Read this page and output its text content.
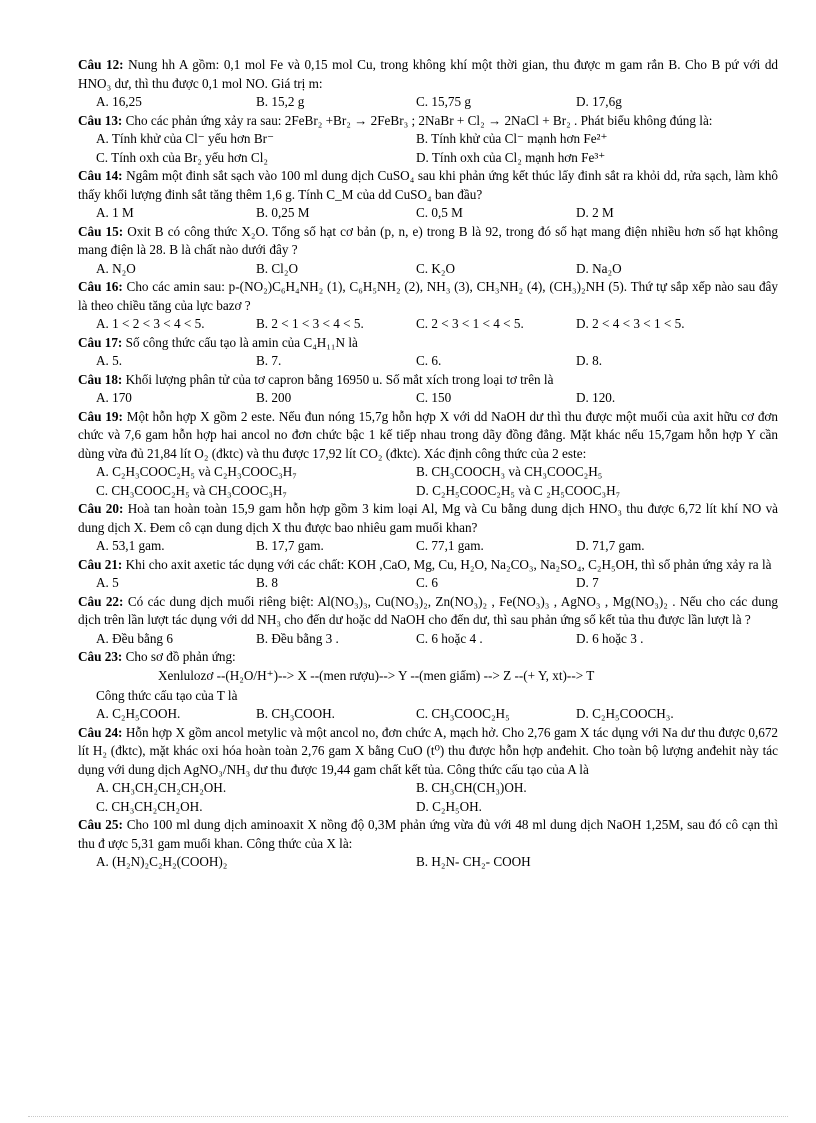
Câu 12: Nung hh A gồm: 0,1 mol Fe và 0,15 mol Cu, trong không khí một thời gian, thu được m gam rắn B. Cho B pứ với dd HNO₃ dư, thì thu được 0,1 mol NO. Giá trị m:

A. 16,25	B. 15,2 g	C. 15,75 g	D. 17,6g

Câu 13: Cho các phản ứng xảy ra sau: 2FeBr₂ +Br₂ → 2FeBr₃ ; 2NaBr + Cl₂ → 2NaCl + Br₂ . Phát biểu không đúng là:

A. Tính khử của Cl⁻ yếu hơn Br⁻	B. Tính khử của Cl⁻ mạnh hơn Fe²⁺
C. Tính oxh của Br₂ yếu hơn Cl₂	D. Tính oxh của Cl₂ mạnh hơn Fe³⁺

Câu 14: Ngâm một đinh sắt sạch vào 100 ml dung dịch CuSO₄ sau khi phản ứng kết thúc lấy đinh sắt ra khỏi dd, rửa sạch, làm khô thấy khối lượng đinh sắt tăng thêm 1,6 g. Tính C_M của dd CuSO₄ ban đầu?

A. 1 M	B. 0,25 M	C. 0,5 M	D. 2 M

Câu 15: Oxit B có công thức X₂O. Tổng số hạt cơ bản (p, n, e) trong B là 92, trong đó số hạt mang điện nhiều hơn số hạt không mang điện là 28. B là chất nào dưới đây ?

A. N₂O	B. Cl₂O	C. K₂O	D. Na₂O

Câu 16: Cho các amin sau: p-(NO₂)C₆H₄NH₂ (1), C₆H₅NH₂ (2), NH₃ (3), CH₃NH₂ (4), (CH₃)₂NH (5). Thứ tự sắp xếp nào sau đây là theo chiều tăng của lực bazơ ?

A. 1 < 2 < 3 < 4 < 5.	B. 2 < 1 < 3 < 4 < 5.	C. 2 < 3 < 1 < 4 < 5.	D. 2 < 4 < 3 < 1 < 5.

Câu 17: Số công thức cấu tạo là amin của C₄H₁₁N là

A. 5.	B. 7.	C. 6.	D. 8.

Câu 18: Khối lượng phân tử của tơ capron bằng 16950 u. Số mắt xích trong loại tơ trên là

A. 170	B. 200	C. 150	D. 120.

Câu 19: Một hỗn hợp X gồm 2 este. Nếu đun nóng 15,7g hỗn hợp X với dd NaOH dư thì thu được một muối của axit hữu cơ đơn chức và 7,6 gam hỗn hợp hai ancol no đơn chức bậc 1 kế tiếp nhau trong dãy đồng đẳng. Mặt khác nếu 15,7gam hỗn hợp Y cần dùng vừa đủ 21,84 lít O₂ (đktc) và thu được 17,92 lít CO₂ (đktc). Xác định công thức của 2 este:

A. C₂H₃COOC₂H₅ và C₂H₃COOC₃H₇	B. CH₃COOCH₃ và CH₃COOC₂H₅
C. CH₃COOC₂H₅ và CH₃COOC₃H₇	D. C₂H₅COOC₂H₅ và C ₂H₅COOC₃H₇

Câu 20: Hoà tan hoàn toàn 15,9 gam hỗn hợp gồm 3 kim loại Al, Mg và Cu bằng dung dịch HNO₃ thu được 6,72 lít khí NO và dung dịch X. Đem cô cạn dung dịch X thu được bao nhiêu gam muối khan?

A. 53,1 gam.	B. 17,7 gam.	C. 77,1 gam.	D. 71,7 gam.

Câu 21: Khi cho axit axetic tác dụng với các chất: KOH ,CaO, Mg, Cu, H₂O, Na₂CO₃, Na₂SO₄, C₂H₅OH, thì số phản ứng xảy ra là

A. 5	B. 8	C. 6	D. 7

Câu 22: Có các dung dịch muối riêng biệt: Al(NO₃)₃, Cu(NO₃)₂, Zn(NO₃)₂ , Fe(NO₃)₃ , AgNO₃ , Mg(NO₃)₂ . Nếu cho các dung dịch trên lần lượt tác dụng với dd NH₃ cho đến dư hoặc dd NaOH cho đến dư, thì sau phản ứng số kết tủa thu được lần lượt là ?

A. Đều bằng 6	B. Đều bằng 3 .	C. 6 hoặc 4 .	D. 6 hoặc 3 .

Câu 23: Cho sơ đồ phản ứng:

Xenlulozơ --(H₂O/H⁺)--> X --(men rượu)--> Y --(men giấm) --> Z --(+ Y, xt)--> T
Công thức cấu tạo của T là
A. C₂H₅COOH.	B. CH₃COOH.	C. CH₃COOC₂H₅	D. C₂H₅COOCH₃.

Câu 24: Hỗn hợp X gồm ancol metylic và một ancol no, đơn chức A, mạch hở. Cho 2,76 gam X tác dụng với Na dư thu được 0,672 lít H₂ (đktc), mặt khác oxi hóa hoàn toàn 2,76 gam X bằng CuO (t⁰) thu được hỗn hợp anđehit. Cho toàn bộ lượng anđehit này tác dụng với dung dịch AgNO₃/NH₃ dư thu được 19,44 gam chất kết tủa. Công thức cấu tạo của A là

A. CH₃CH₂CH₂CH₂OH.	B. CH₃CH(CH₃)OH.
C. CH₃CH₂CH₂OH.	D. C₂H₅OH.

Câu 25: Cho 100 ml dung dịch aminoaxit X nồng độ 0,3M phản ứng vừa đủ với 48 ml dung dịch NaOH 1,25M, sau đó cô cạn thì thu đ ược 5,31 gam muối khan. Công thức của X là:

A. (H₂N)₂C₂H₂(COOH)₂	B. H₂N- CH₂- COOH
